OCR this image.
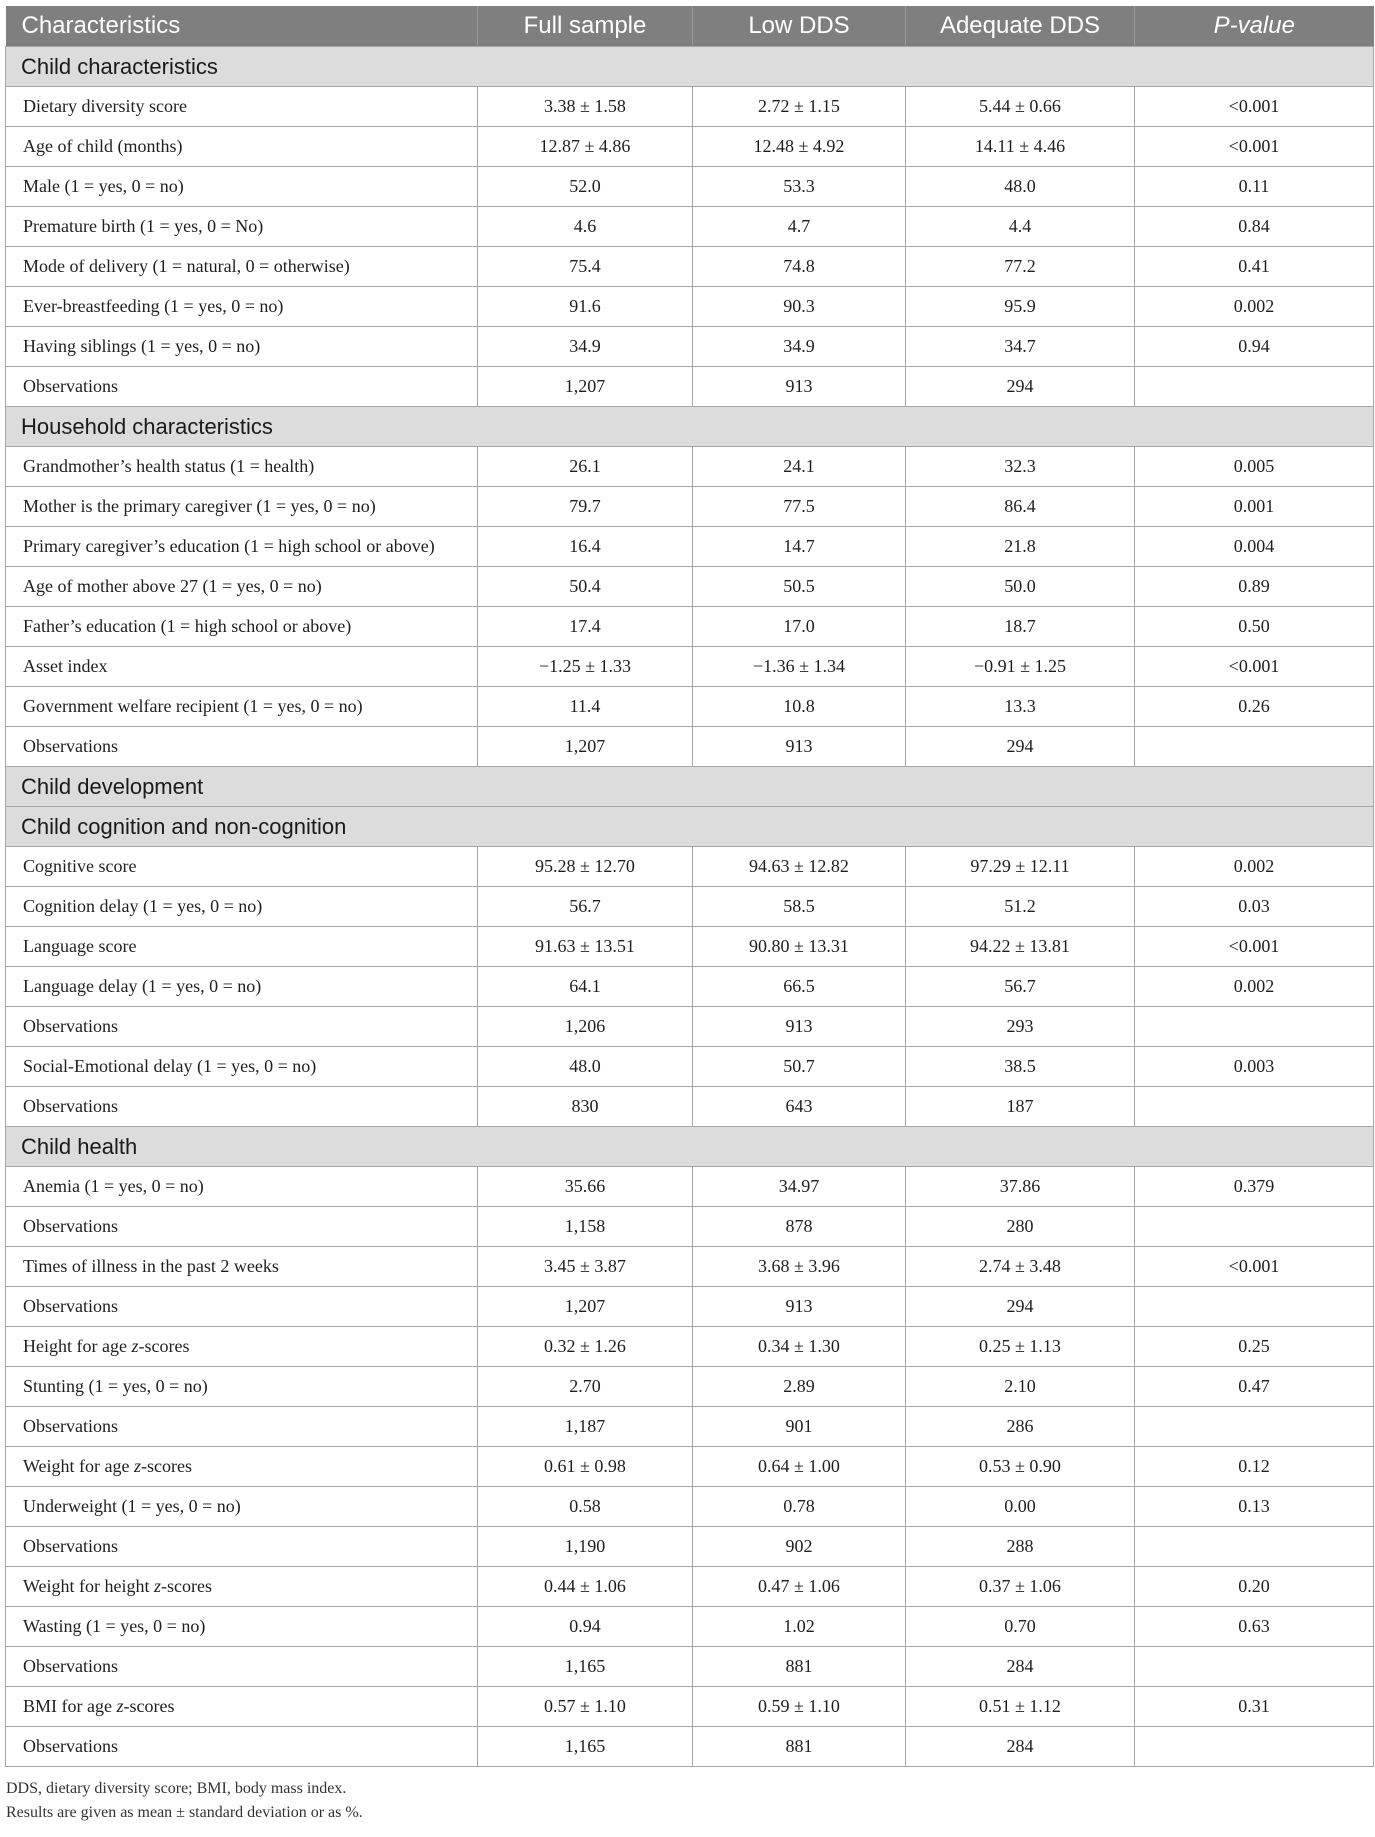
Characteristics	Full sample	Low DDS	Adequate DDS	P-value
Child characteristics				
Dietary diversity score	3.38 ± 1.58	2.72 ± 1.15	5.44 ± 0.66	<0.001
Age of child (months)	12.87 ± 4.86	12.48 ± 4.92	14.11 ± 4.46	<0.001
Male (1 = yes, 0 = no)	52.0	53.3	48.0	0.11
Premature birth (1 = yes, 0 = No)	4.6	4.7	4.4	0.84
Mode of delivery (1 = natural, 0 = otherwise)	75.4	74.8	77.2	0.41
Ever-breastfeeding (1 = yes, 0 = no)	91.6	90.3	95.9	0.002
Having siblings (1 = yes, 0 = no)	34.9	34.9	34.7	0.94
Observations	1,207	913	294	
Household characteristics				
Grandmother’s health status (1 = health)	26.1	24.1	32.3	0.005
Mother is the primary caregiver (1 = yes, 0 = no)	79.7	77.5	86.4	0.001
Primary caregiver’s education (1 = high school or above)	16.4	14.7	21.8	0.004
Age of mother above 27 (1 = yes, 0 = no)	50.4	50.5	50.0	0.89
Father’s education (1 = high school or above)	17.4	17.0	18.7	0.50
Asset index	−1.25 ± 1.33	−1.36 ± 1.34	−0.91 ± 1.25	<0.001
Government welfare recipient (1 = yes, 0 = no)	11.4	10.8	13.3	0.26
Observations	1,207	913	294	
Child development				
Child cognition and non-cognition				
Cognitive score	95.28 ± 12.70	94.63 ± 12.82	97.29 ± 12.11	0.002
Cognition delay (1 = yes, 0 = no)	56.7	58.5	51.2	0.03
Language score	91.63 ± 13.51	90.80 ± 13.31	94.22 ± 13.81	<0.001
Language delay (1 = yes, 0 = no)	64.1	66.5	56.7	0.002
Observations	1,206	913	293	
Social-Emotional delay (1 = yes, 0 = no)	48.0	50.7	38.5	0.003
Observations	830	643	187	
Child health				
Anemia (1 = yes, 0 = no)	35.66	34.97	37.86	0.379
Observations	1,158	878	280	
Times of illness in the past 2 weeks	3.45 ± 3.87	3.68 ± 3.96	2.74 ± 3.48	<0.001
Observations	1,207	913	294	
Height for age z-scores	0.32 ± 1.26	0.34 ± 1.30	0.25 ± 1.13	0.25
Stunting (1 = yes, 0 = no)	2.70	2.89	2.10	0.47
Observations	1,187	901	286	
Weight for age z-scores	0.61 ± 0.98	0.64 ± 1.00	0.53 ± 0.90	0.12
Underweight (1 = yes, 0 = no)	0.58	0.78	0.00	0.13
Observations	1,190	902	288	
Weight for height z-scores	0.44 ± 1.06	0.47 ± 1.06	0.37 ± 1.06	0.20
Wasting (1 = yes, 0 = no)	0.94	1.02	0.70	0.63
Observations	1,165	881	284	
BMI for age z-scores	0.57 ± 1.10	0.59 ± 1.10	0.51 ± 1.12	0.31
Observations	1,165	881	284	
DDS, dietary diversity score; BMI, body mass index.
Results are given as mean ± standard deviation or as %.
